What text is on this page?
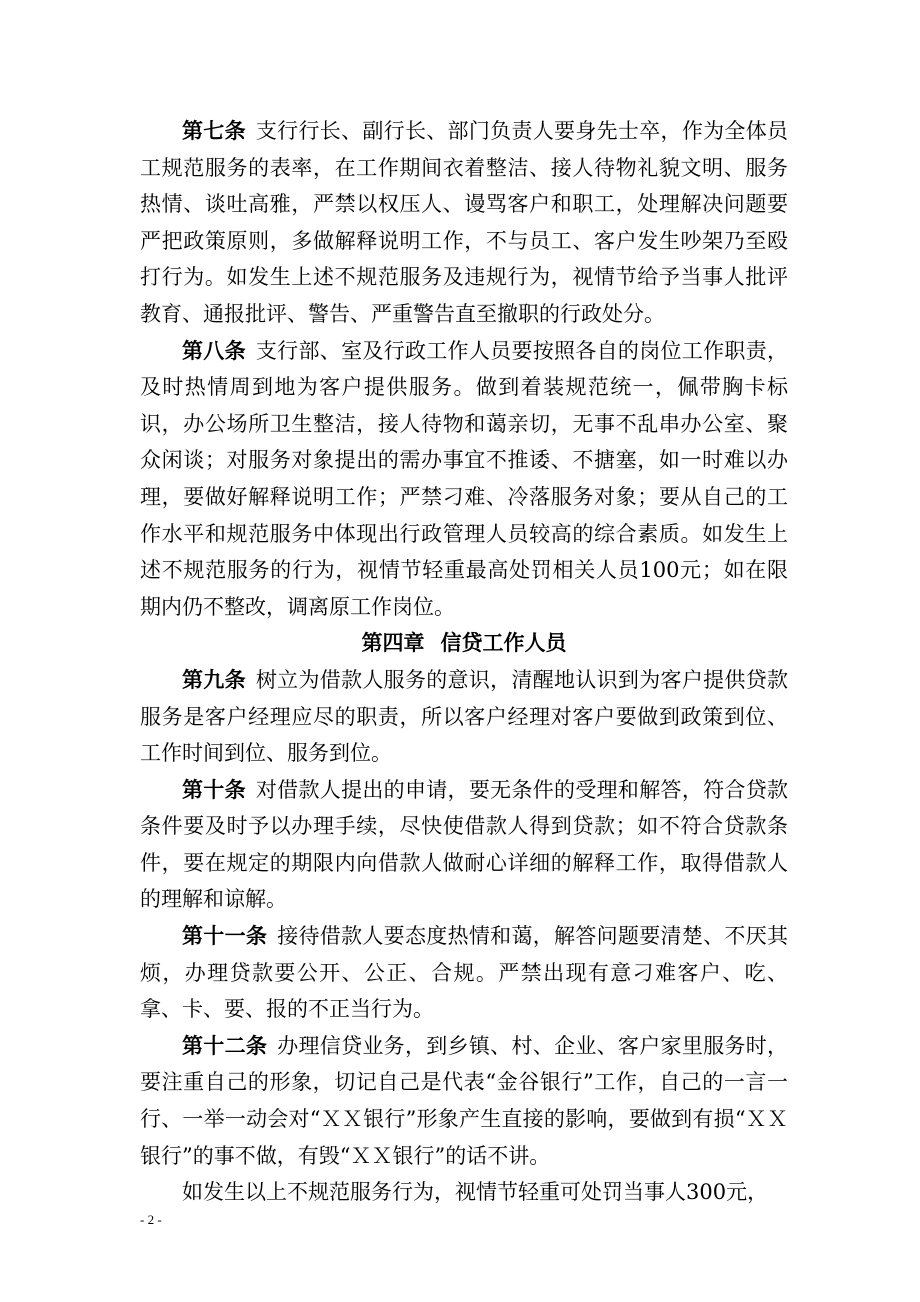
第七条 支行行长、副行长、部门负责人要身先士卒，作为全体员工规范服务的表率，在工作期间衣着整洁、接人待物礼貌文明、服务热情、谈吐高雅，严禁以权压人、谩骂客户和职工，处理解决问题要严把政策原则，多做解释说明工作，不与员工、客户发生吵架乃至殴打行为。如发生上述不规范服务及违规行为，视情节给予当事人批评教育、通报批评、警告、严重警告直至撤职的行政处分。

第八条 支行部、室及行政工作人员要按照各自的岗位工作职责，及时热情周到地为客户提供服务。做到着装规范统一，佩带胸卡标识，办公场所卫生整洁，接人待物和蔼亲切，无事不乱串办公室、聚众闲谈；对服务对象提出的需办事宜不推诿、不搪塞，如一时难以办理，要做好解释说明工作；严禁刁难、冷落服务对象；要从自己的工作水平和规范服务中体现出行政管理人员较高的综合素质。如发生上述不规范服务的行为，视情节轻重最高处罚相关人员100元；如在限期内仍不整改，调离原工作岗位。

第四章 信贷工作人员

第九条 树立为借款人服务的意识，清醒地认识到为客户提供贷款服务是客户经理应尽的职责，所以客户经理对客户要做到政策到位、工作时间到位、服务到位。

第十条 对借款人提出的申请，要无条件的受理和解答，符合贷款条件要及时予以办理手续，尽快使借款人得到贷款；如不符合贷款条件，要在规定的期限内向借款人做耐心详细的解释工作，取得借款人的理解和谅解。

第十一条 接待借款人要态度热情和蔼，解答问题要清楚、不厌其烦，办理贷款要公开、公正、合规。严禁出现有意刁难客户、吃、拿、卡、要、报的不正当行为。

第十二条 办理信贷业务，到乡镇、村、企业、客户家里服务时，要注重自己的形象，切记自己是代表“金谷银行”工作，自己的一言一行、一举一动会对“ＸＸ银行”形象产生直接的影响，要做到有损“ＸＸ银行”的事不做，有毁“ＸＸ银行”的话不讲。

如发生以上不规范服务行为，视情节轻重可处罚当事人300元，

- 2 -
